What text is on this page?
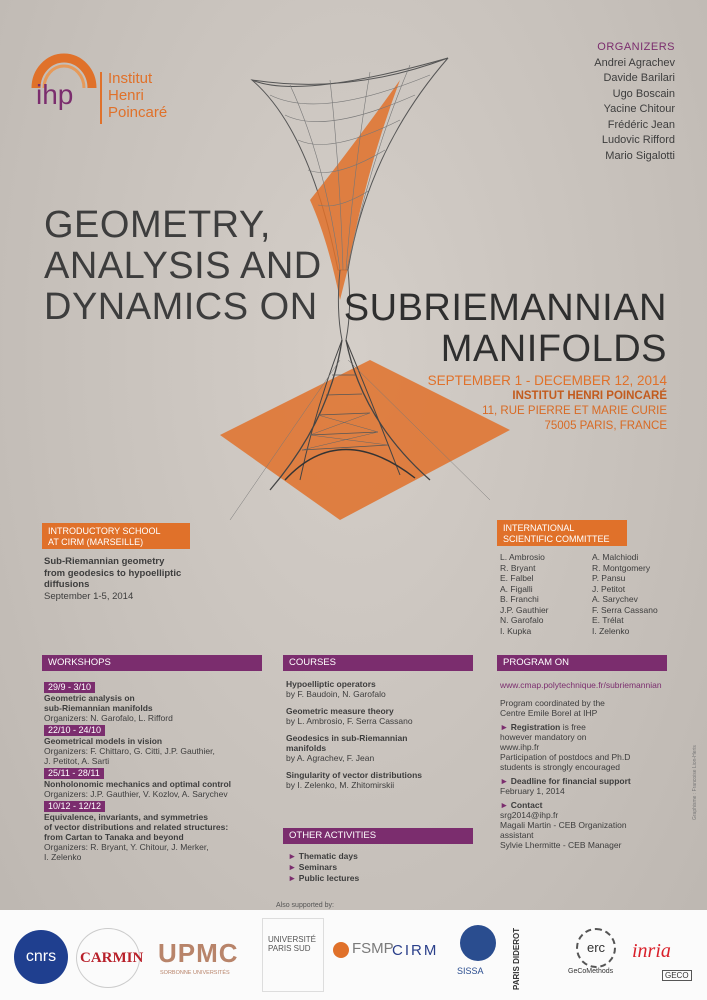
ihp
Institut
Henri
Poincaré
ORGANIZERS
Andrei Agrachev
Davide Barilari
Ugo Boscain
Yacine Chitour
Frédéric Jean
Ludovic Rifford
Mario Sigalotti
GEOMETRY,
ANALYSIS AND
DYNAMICS ON SUBRIEMANNIAN
MANIFOLDS
SEPTEMBER 1 - DECEMBER 12, 2014
INSTITUT HENRI POINCARÉ
11, RUE PIERRE ET MARIE CURIE
75005 PARIS, FRANCE
INTRODUCTORY SCHOOL
AT CIRM (MARSEILLE)
Sub-Riemannian geometry
from geodesics to hypoelliptic
diffusions
September 1-5, 2014
INTERNATIONAL
SCIENTIFIC COMMITTEE
L. Ambrosio
R. Bryant
E. Falbel
A. Figalli
B. Franchi
J.P. Gauthier
N. Garofalo
I. Kupka
A. Malchiodi
R. Montgomery
P. Pansu
J. Petitot
A. Sarychev
F. Serra Cassano
E. Trélat
I. Zelenko
WORKSHOPS
29/9 - 3/10
Geometric analysis on
sub-Riemannian manifolds
Organizers: N. Garofalo, L. Rifford
22/10 - 24/10
Geometrical models in vision
Organizers: F. Chittaro, G. Citti, J.P. Gauthier,
J. Petitot, A. Sarti
25/11 - 28/11
Nonholonomic mechanics and optimal control
Organizers: J.P. Gauthier, V. Kozlov, A. Sarychev
10/12 - 12/12
Equivalence, invariants, and symmetries
of vector distributions and related structures:
from Cartan to Tanaka and beyond
Organizers: R. Bryant, Y. Chitour, J. Merker,
I. Zelenko
COURSES
Hypoelliptic operators
by F. Baudoin, N. Garofalo
Geometric measure theory
by L. Ambrosio, F. Serra Cassano
Geodesics in sub-Riemannian
manifolds
by A. Agrachev, F. Jean
Singularity of vector distributions
by I. Zelenko, M. Zhitomirskii
OTHER ACTIVITIES
► Thematic days
► Seminars
► Public lectures
PROGRAM ON
www.cmap.polytechnique.fr/subriemannian
Program coordinated by the
Centre Emile Borel at IHP
► Registration is free
however mandatory on
www.ihp.fr
Participation of postdocs and Ph.D
students is strongly encouraged
► Deadline for financial support
February 1, 2014
► Contact
srg2014@ihp.fr
Magali Martin - CEB Organization
assistant
Sylvie Lhermitte - CEB Manager
Graphisme : Francoise Lion-Heris
Also supported by:
cnrs	CARMIN UPMC
SORBONNE UNIVERSITÉS
UNIVERSITÉ PARIS SUD	FSMP
CIRM
SISSA	PARIS DIDEROT	erc
GeCoMethods
inria
GECO
